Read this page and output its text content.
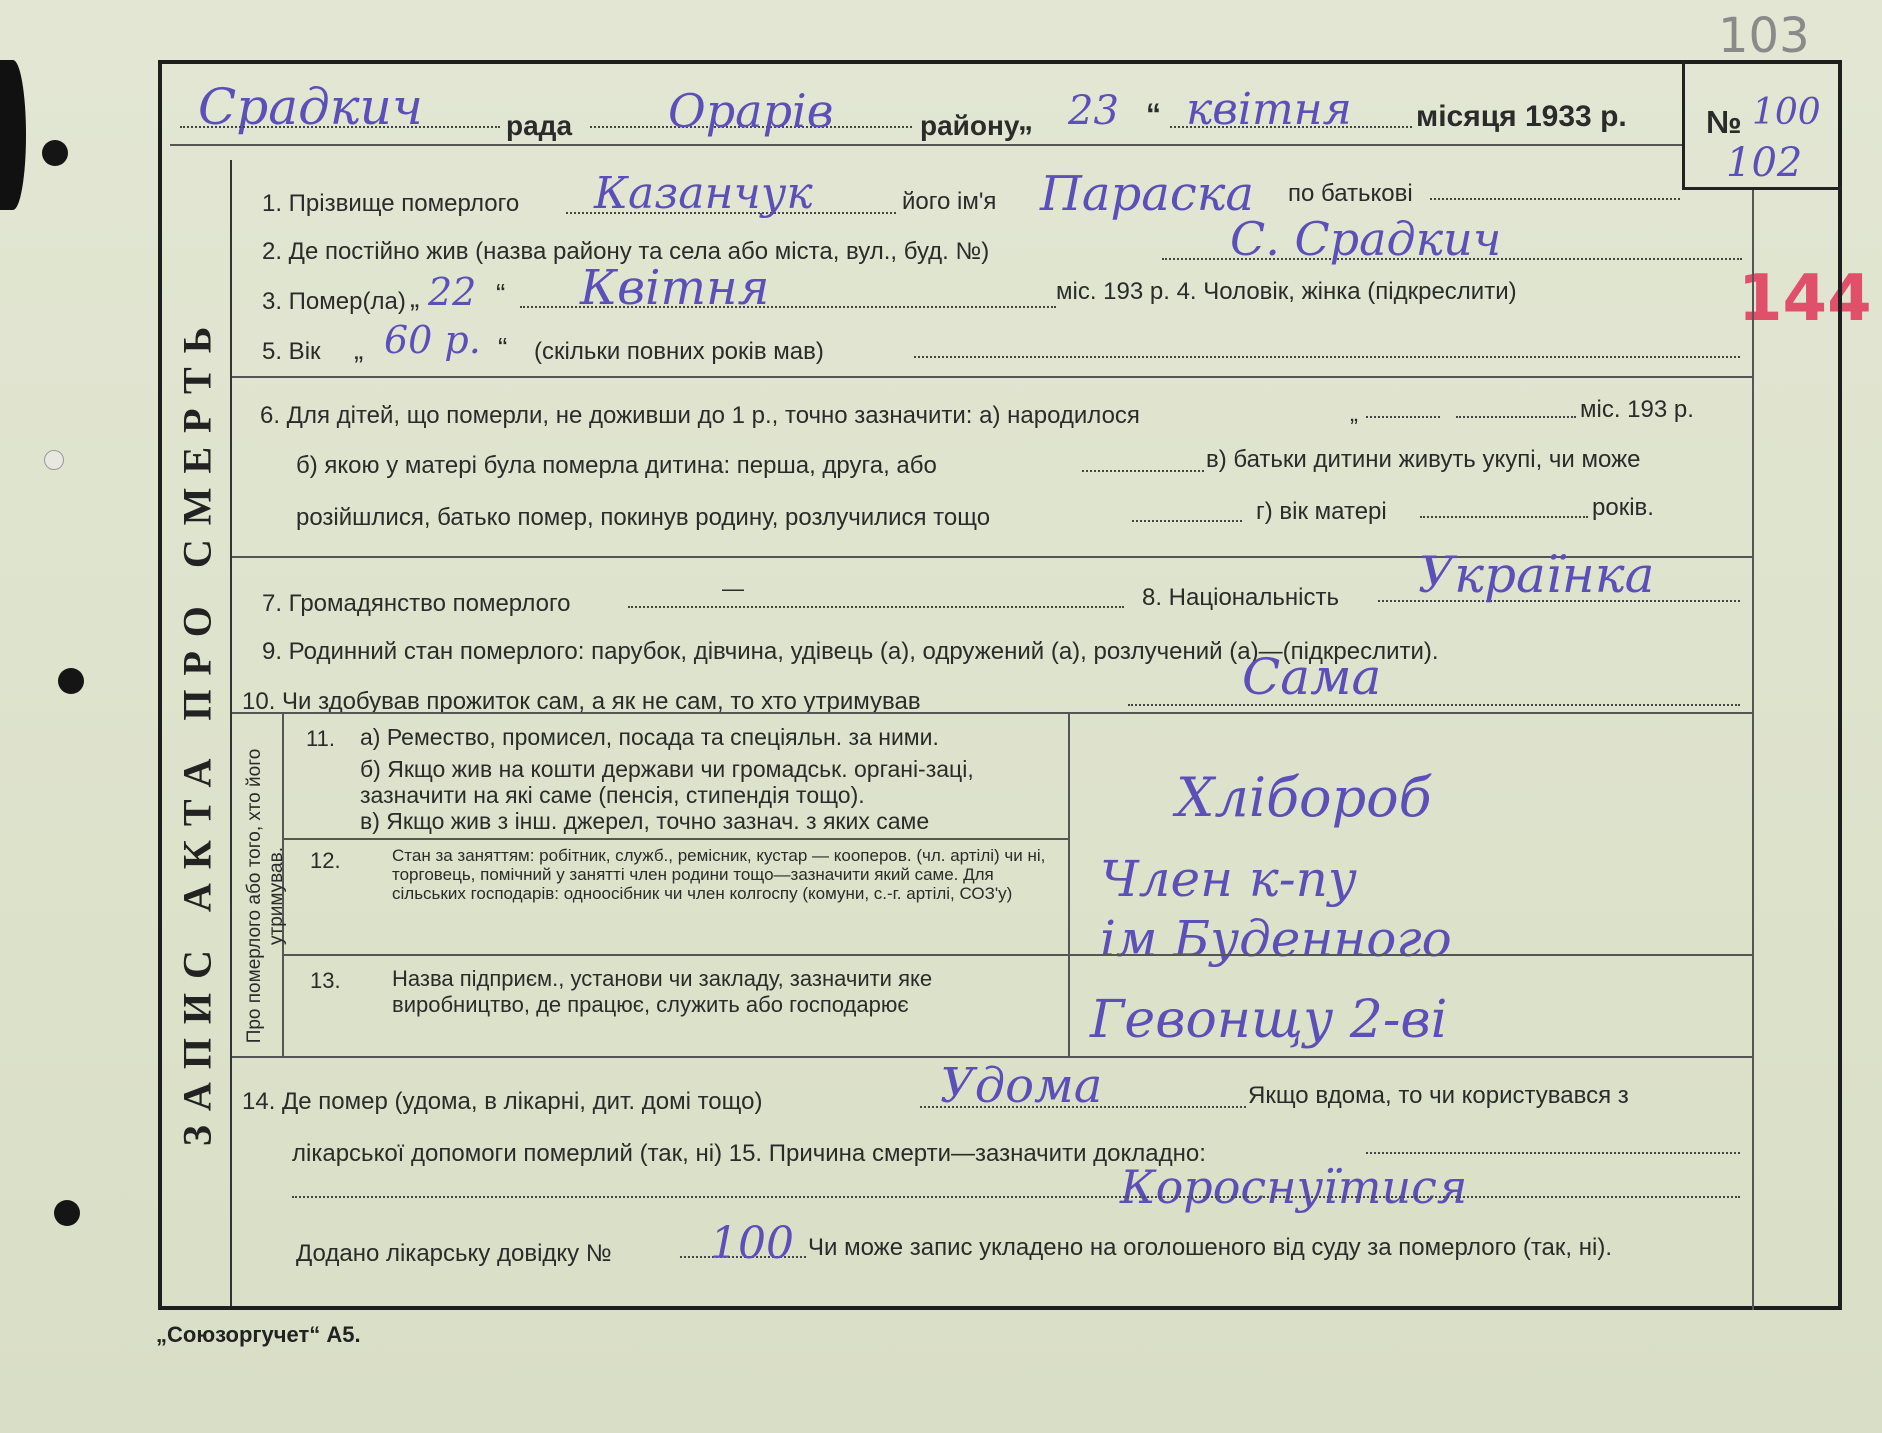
103
144
ЗАПИС АКТА ПРО СМЕРТЬ
Срадкич	рада Орарів	району
„ 23 “ квітня місяця 1933 р. № 100
102
1. Прізвище померлого Казанчук	його ім'я Параска по батькові
2. Де постійно жив (назва району та села або міста, вул., буд. №)	С. Срадкич
3. Помер(ла) „ 22 “ Квітня	міс. 193 р. 4. Чоловік, жінка (підкреслити)
5. Вік „ 60 р. “ (скільки повних років мав)
6. Для дітей, що померли, не доживши до 1 р., точно зазначити: а) народилося	„	міс. 193 р.
б) якою у матері була померла дитина: перша, друга, або	в) батьки дитини живуть укупі, чи може
розійшлися, батько помер, покинув родину, розлучилися тощо	г) вік матері	років.
7. Громадянство померлого
—	8. Національність Українка
9. Родинний стан померлого: парубок, дівчина, удівець (а), одружений (а), розлучений (а)—(підкреслити).
10. Чи здобував прожиток сам, а як не сам, то хто утримував	Сама
Про померлого або того, хто його утримував.
11. а) Ремество, промисел, посада та спеціяльн. за ними.
б) Якщо жив на кошти держави чи громадськ. органі-заці, зазначити на які саме (пенсія, стипендія тощо).
в) Якщо жив з інш. джерел, точно зазнач. з яких саме	Хлібороб
12.	Стан за заняттям: робітник, служб., ремісник, кустар — кооперов. (чл. артілі) чи ні, торговець, помічний у занятті член родини тощо—зазначити який саме. Для сільських господарів: одноосібник чи член колгоспу (комуни, с.-г. артілі, СОЗ'у)	Член к-пу
ім Буденного
13. Назва підприєм., установи чи закладу, зазначити яке виробництво, де працює, служить або господарює	Гевонщу 2-ві
14. Де помер (удома, в лікарні, дит. домі тощо)	Удома	Якщо вдома, то чи користувався з
лікарської допомоги померлий (так, ні) 15. Причина смерти—зазначити докладно:
Короснуїтися
Додано лікарську довідку № 100 Чи може запис укладено на оголошеного від суду за померлого (так, ні).
„Союзоргучет“ А5.
